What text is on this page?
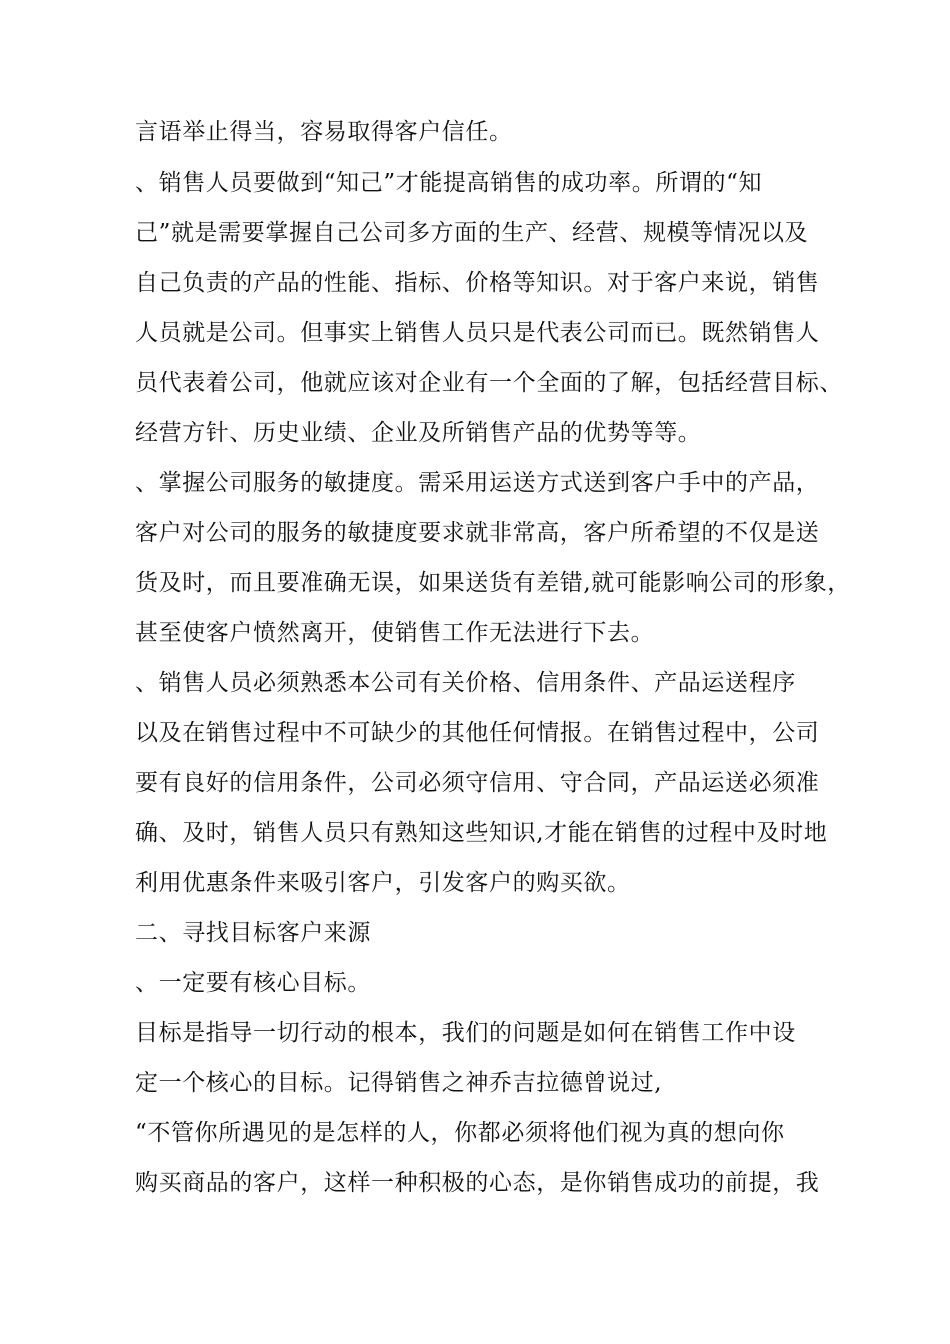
言语举止得当，容易取得客户信任。
、销售人员要做到“知己”才能提高销售的成功率。所谓的“知
己”就是需要掌握自己公司多方面的生产、经营、规模等情况以及
自己负责的产品的性能、指标、价格等知识。对于客户来说，销售
人员就是公司。但事实上销售人员只是代表公司而已。既然销售人
员代表着公司，他就应该对企业有一个全面的了解，包括经营目标、
经营方针、历史业绩、企业及所销售产品的优势等等。
、掌握公司服务的敏捷度。需采用运送方式送到客户手中的产品，
客户对公司的服务的敏捷度要求就非常高，客户所希望的不仅是送
货及时，而且要准确无误，如果送货有差错,就可能影响公司的形象，
甚至使客户愤然离开，使销售工作无法进行下去。
、销售人员必须熟悉本公司有关价格、信用条件、产品运送程序
以及在销售过程中不可缺少的其他任何情报。在销售过程中，公司
要有良好的信用条件，公司必须守信用、守合同，产品运送必须准
确、及时，销售人员只有熟知这些知识,才能在销售的过程中及时地
利用优惠条件来吸引客户，引发客户的购买欲。
二、寻找目标客户来源
、一定要有核心目标。
目标是指导一切行动的根本，我们的问题是如何在销售工作中设
定一个核心的目标。记得销售之神乔吉拉德曾说过,
“不管你所遇见的是怎样的人，你都必须将他们视为真的想向你
购买商品的客户，这样一种积极的心态，是你销售成功的前提，我
